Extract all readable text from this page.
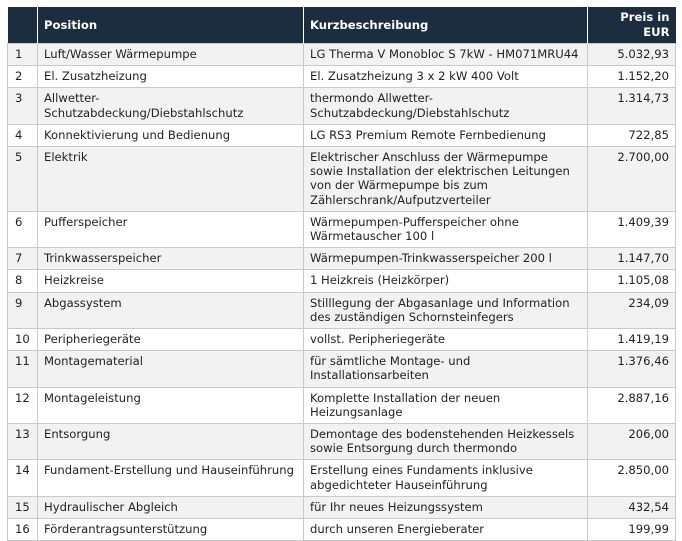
	Position	Kurzbeschreibung	Preis in EUR
1	Luft/Wasser Wärmepumpe	LG Therma V Monobloc S 7kW - HM071MRU44	5.032,93
2	El. Zusatzheizung	El. Zusatzheizung 3 x 2 kW 400 Volt	1.152,20
3	Allwetter-Schutzabdeckung/Diebstahlschutz	thermondo Allwetter-Schutzabdeckung/Diebstahlschutz	1.314,73
4	Konnektivierung und Bedienung	LG RS3 Premium Remote Fernbedienung	722,85
5	Elektrik	Elektrischer Anschluss der Wärmepumpe sowie Installation der elektrischen Leitungen von der Wärmepumpe bis zum Zählerschrank/Aufputzverteiler	2.700,00
6	Pufferspeicher	Wärmepumpen-Pufferspeicher ohne Wärmetauscher 100 l	1.409,39
7	Trinkwasserspeicher	Wärmepumpen-Trinkwasserspeicher 200 l	1.147,70
8	Heizkreise	1 Heizkreis (Heizkörper)	1.105,08
9	Abgassystem	Stilllegung der Abgasanlage und Information des zuständigen Schornsteinfegers	234,09
10	Peripheriegeräte	vollst. Peripheriegeräte	1.419,19
11	Montagematerial	für sämtliche Montage- und Installationsarbeiten	1.376,46
12	Montageleistung	Komplette Installation der neuen Heizungsanlage	2.887,16
13	Entsorgung	Demontage des bodenstehenden Heizkessels sowie Entsorgung durch thermondo	206,00
14	Fundament-Erstellung und Hauseinführung	Erstellung eines Fundaments inklusive abgedichteter Hauseinführung	2.850,00
15	Hydraulischer Abgleich	für Ihr neues Heizungssystem	432,54
16	Förderantragsunterstützung	durch unseren Energieberater	199,99
